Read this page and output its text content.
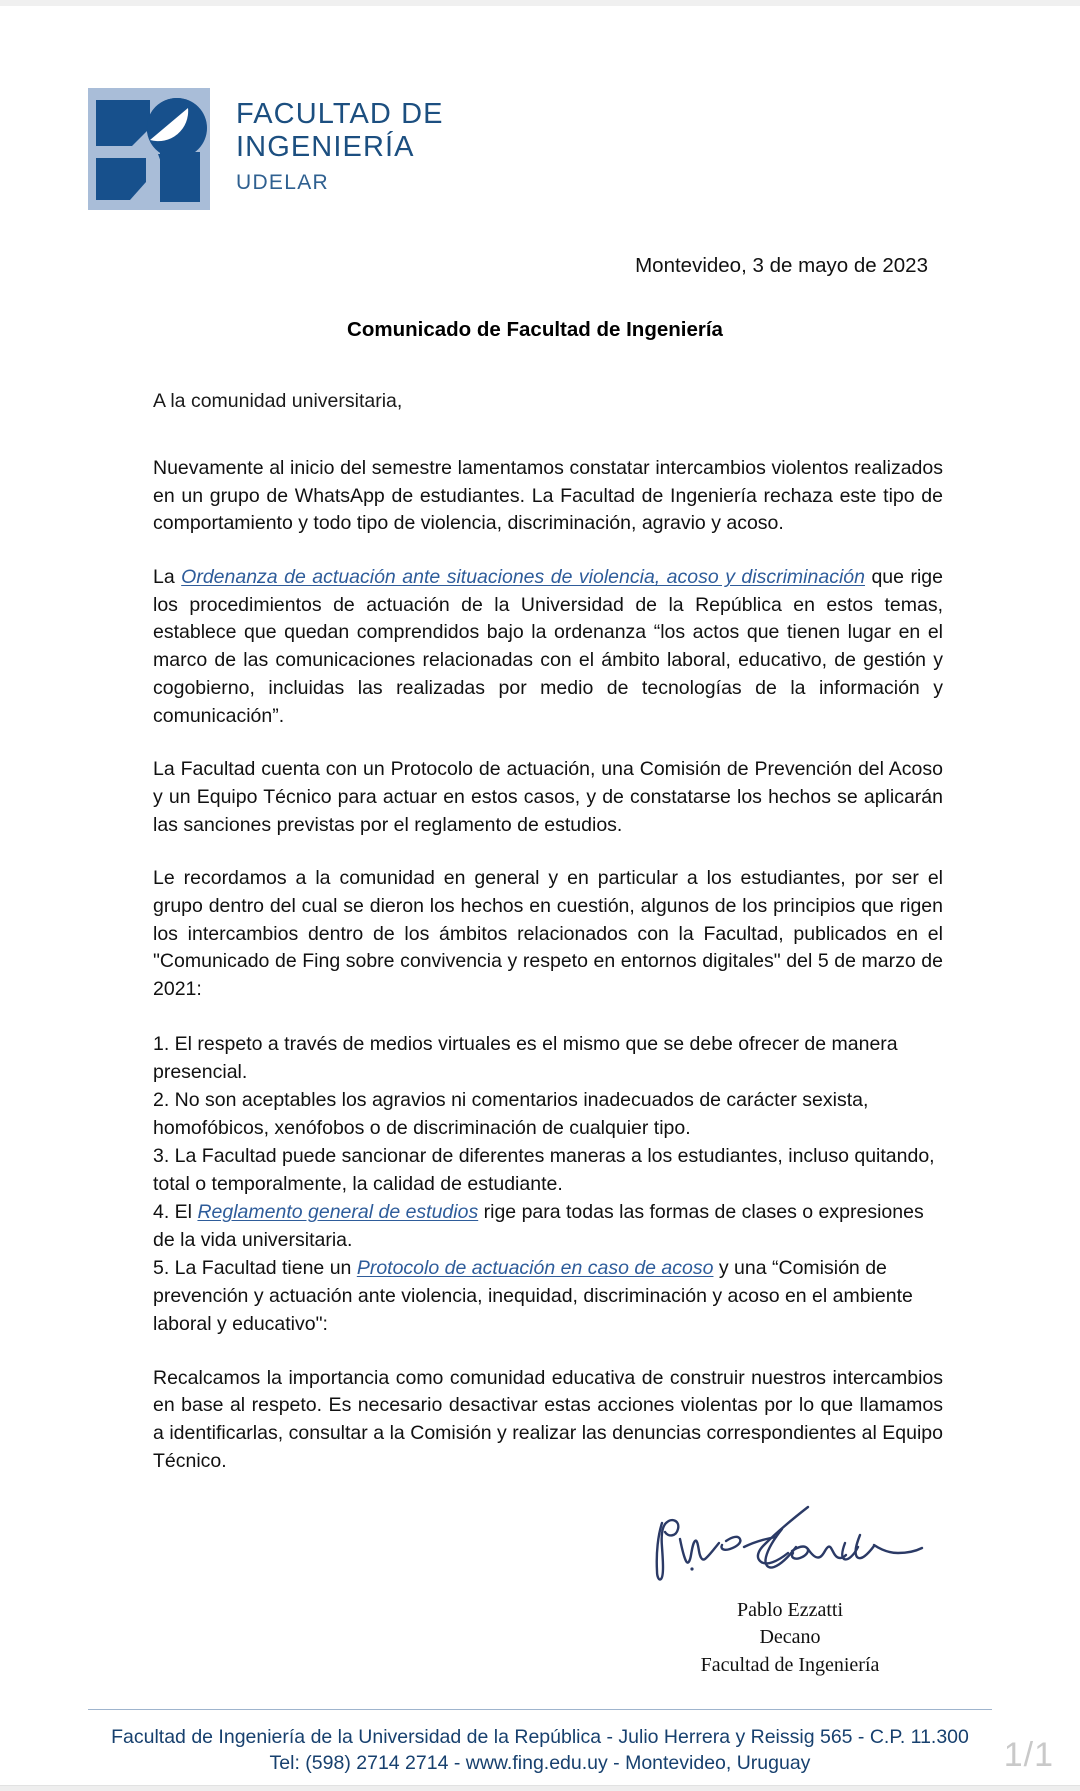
FACULTAD DE
INGENIERÍA
UDELAR
Montevideo, 3 de mayo de 2023
Comunicado de Facultad de Ingeniería
A la comunidad universitaria,

Nuevamente al inicio del semestre lamentamos constatar intercambios violentos realizados en un grupo de WhatsApp de estudiantes. La Facultad de Ingeniería rechaza este tipo de comportamiento y todo tipo de violencia, discriminación, agravio y acoso.

La Ordenanza de actuación ante situaciones de violencia, acoso y discriminación que rige los procedimientos de actuación de la Universidad de la República en estos temas, establece que quedan comprendidos bajo la ordenanza “los actos que tienen lugar en el marco de las comunicaciones relacionadas con el ámbito laboral, educativo, de gestión y cogobierno, incluidas las realizadas por medio de tecnologías de la información y comunicación”.

La Facultad cuenta con un Protocolo de actuación, una Comisión de Prevención del Acoso y un Equipo Técnico para actuar en estos casos, y de constatarse los hechos se aplicarán las sanciones previstas por el reglamento de estudios.

Le recordamos a la comunidad en general y en particular a los estudiantes, por ser el grupo dentro del cual se dieron los hechos en cuestión, algunos de los principios que rigen los intercambios dentro de los ámbitos relacionados con la Facultad, publicados en el "Comunicado de Fing sobre convivencia y respeto en entornos digitales" del 5 de marzo de 2021:

1. El respeto a través de medios virtuales es el mismo que se debe ofrecer de manera presencial.
2. No son aceptables los agravios ni comentarios inadecuados de carácter sexista, homofóbicos, xenófobos o de discriminación de cualquier tipo.
3. La Facultad puede sancionar de diferentes maneras a los estudiantes, incluso quitando, total o temporalmente, la calidad de estudiante.
4. El Reglamento general de estudios rige para todas las formas de clases o expresiones de la vida universitaria.
5. La Facultad tiene un Protocolo de actuación en caso de acoso y una “Comisión de prevención y actuación ante violencia, inequidad, discriminación y acoso en el ambiente laboral y educativo":

Recalcamos la importancia como comunidad educativa de construir nuestros intercambios en base al respeto. Es necesario desactivar estas acciones violentas por lo que llamamos a identificarlas, consultar a la Comisión y realizar las denuncias correspondientes al Equipo Técnico.

Pablo Ezzatti
Decano
Facultad de Ingeniería
Facultad de Ingeniería de la Universidad de la República - Julio Herrera y Reissig 565 - C.P. 11.300
Tel: (598) 2714 2714 - www.fing.edu.uy - Montevideo, Uruguay	1/1
